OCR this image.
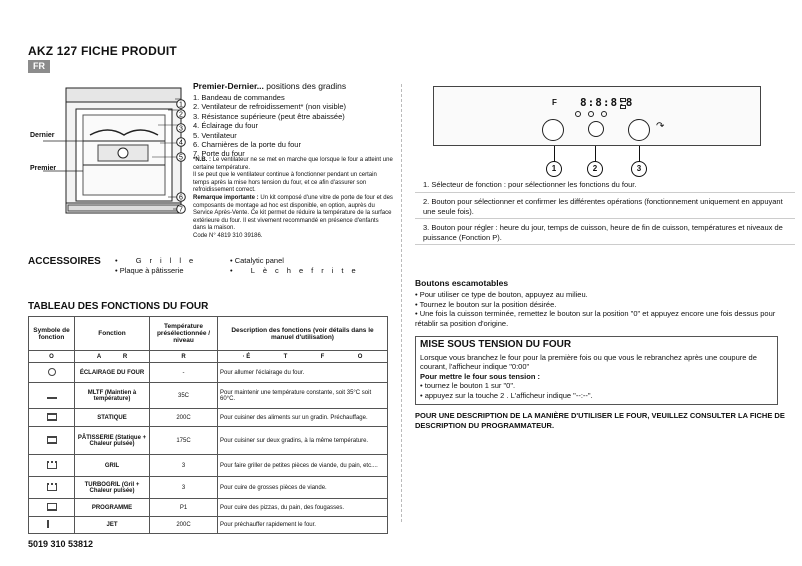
AKZ 127 FICHE PRODUIT
FR
1
2
3
4
5
6
7
Dernier
Premier
Premier-Dernier... positions des gradins
1. Bandeau de commandes
2. Ventilateur de refroidissement* (non visible)
3. Résistance supérieure (peut être abaissée)
4. Éclairage du four
5. Ventilateur
6. Charnières de la porte du four
7. Porte du four
*N.B. : Le ventilateur ne se met en marche que lorsque le four a atteint une certaine température.
Il se peut que le ventilateur continue à fonctionner pendant un certain temps après la mise hors tension du four, et ce afin d'assurer son refroidissement correct.
Remarque importante : Un kit composé d'une vitre de porte de four et des composants de montage ad hoc est disponible, en option, auprès du Service Après-Vente. Ce kit permet de réduire la température de la surface extérieure du four. Il est vivement recommandé en présence d'enfants dans la maison.
Code N° 4819 310 39186.
ACCESSOIRES • Grille	• Catalytic panel
• Plaque à pâtisserie	• Lèchefrite
TABLEAU DES FONCTIONS DU FOUR
Symbole de fonction	Fonction	Température présélectionnée / niveau	Description des fonctions (voir détails dans le manuel d'utilisation)
O	A R	R	· É T F O
	ÉCLAIRAGE DU FOUR	-	Pour allumer l'éclairage du four.
	MLTF (Maintien à température)	35C	Pour maintenir une température constante, soit 35°C soit 60°C.
	STATIQUE	200C	Pour cuisiner des aliments sur un gradin. Préchauffage.
	PÂTISSERIE (Statique + Chaleur pulsée)	175C	Pour cuisiner sur deux gradins, à la même température.
	GRIL	3	Pour faire griller de petites pièces de viande, du pain, etc....
	TURBOGRIL (Gril + Chaleur pulsée)	3	Pour cuire de grosses pièces de viande.
	PROGRAMME	P1	Pour cuire des pizzas, du pain, des fougasses.
	JET	200C	Pour préchauffer rapidement le four.
5019 310 53812
F 8:8:8:8
↷
1	2	3
1. Sélecteur de fonction : pour sélectionner les fonctions du four.
2. Bouton pour sélectionner et confirmer les différentes opérations (fonctionnement uniquement en appuyant une seule fois).
3. Bouton pour régler : heure du jour, temps de cuisson, heure de fin de cuisson, températures et niveaux de puissance (Fonction P).
Boutons escamotables
• Pour utiliser ce type de bouton, appuyez au milieu.
• Tournez le bouton sur la position désirée.
• Une fois la cuisson terminée, remettez le bouton sur la position "0" et appuyez encore une fois dessus pour rétablir sa position d'origine.
MISE SOUS TENSION DU FOUR
Lorsque vous branchez le four pour la première fois ou que vous le rebranchez après une coupure de courant, l'afficheur indique "0:00"
Pour mettre le four sous tension :
• tournez le bouton 1 sur "0".
• appuyez sur la touche 2 . L'afficheur indique "--:--".
POUR UNE DESCRIPTION DE LA MANIÈRE D'UTILISER LE FOUR, VEUILLEZ CONSULTER LA FICHE DE DESCRIPTION DU PROGRAMMATEUR.
